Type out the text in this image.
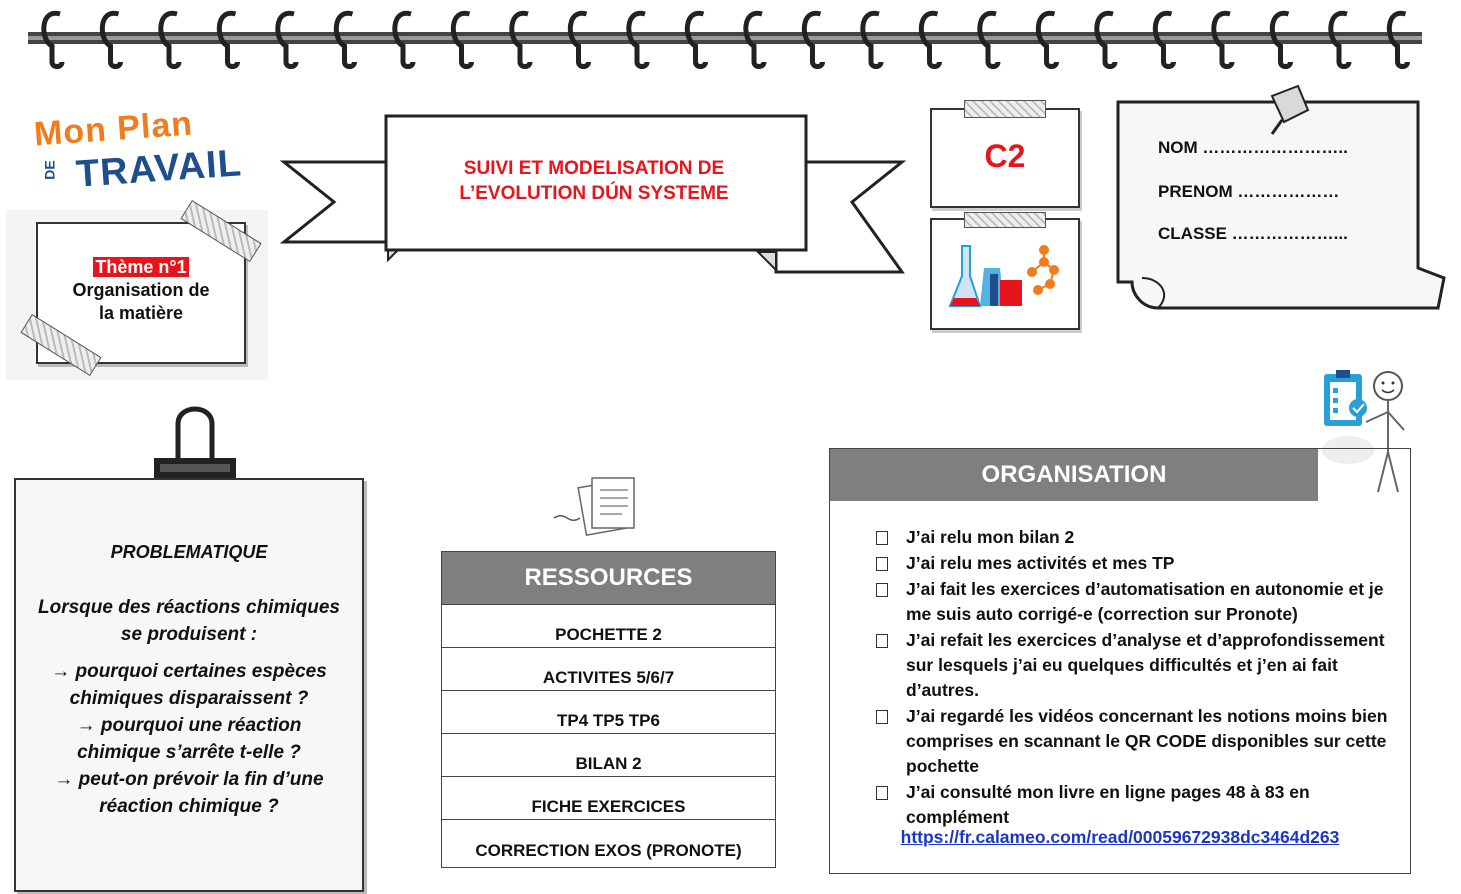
Mon Plan
DE TRAVAIL
Thème n°1
Organisation de
la matière
SUIVI ET MODELISATION DE
L’EVOLUTION DÚN SYSTEME
C2	NOM ……………………..
PRENOM ………………
CLASSE ………………...
PROBLEMATIQUE

Lorsque des réactions chimiques se produisent :

→ pourquoi certaines espèces chimiques disparaissent ?

→ pourquoi une réaction chimique s’arrête t-elle ?

→ peut-on prévoir la fin d’une réaction chimique ?

RESSOURCES
POCHETTE 2
ACTIVITES 5/6/7
TP4 TP5 TP6
BILAN 2
FICHE EXERCICES
CORRECTION EXOS (PRONOTE)
ORGANISATION
J’ai relu mon bilan 2
J’ai relu mes activités et mes TP
J’ai fait les exercices d’automatisation en autonomie et je me suis auto corrigé-e (correction sur Pronote)
J’ai refait les exercices d’analyse et d’approfondissement sur lesquels j’ai eu quelques difficultés et j’en ai fait d’autres.
J’ai regardé les vidéos concernant les notions moins bien comprises en scannant le QR CODE disponibles sur cette pochette
J’ai consulté mon livre en ligne pages 48 à 83 en complément
https://fr.calameo.com/read/00059672938dc3464d263
